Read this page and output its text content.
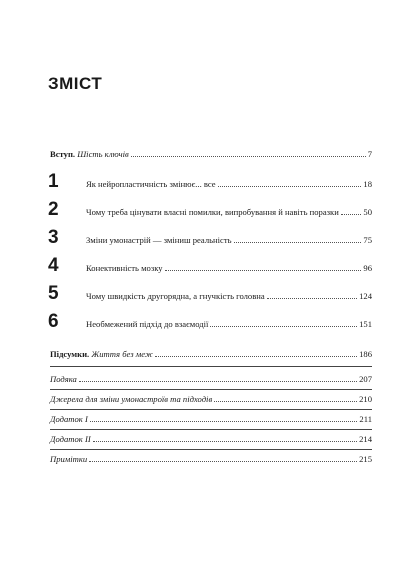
ЗМІСТ
Вступ. Шість ключів	7
1	Як нейропластичність змінює... все	18
2	Чому треба цінувати власні помилки, випробування й навіть поразки	50
3	Зміни умонастрій — зміниш реальність	75
4	Конективність мозку	96
5	Чому швидкість другорядна, а гнучкість головна	124
6	Необмежений підхід до взаємодії	151
Підсумки. Життя без меж	186
Подяка	207
Джерела для зміни умонастроїв та підходів	210
Додаток І	211
Додаток ІІ	214
Примітки	215
